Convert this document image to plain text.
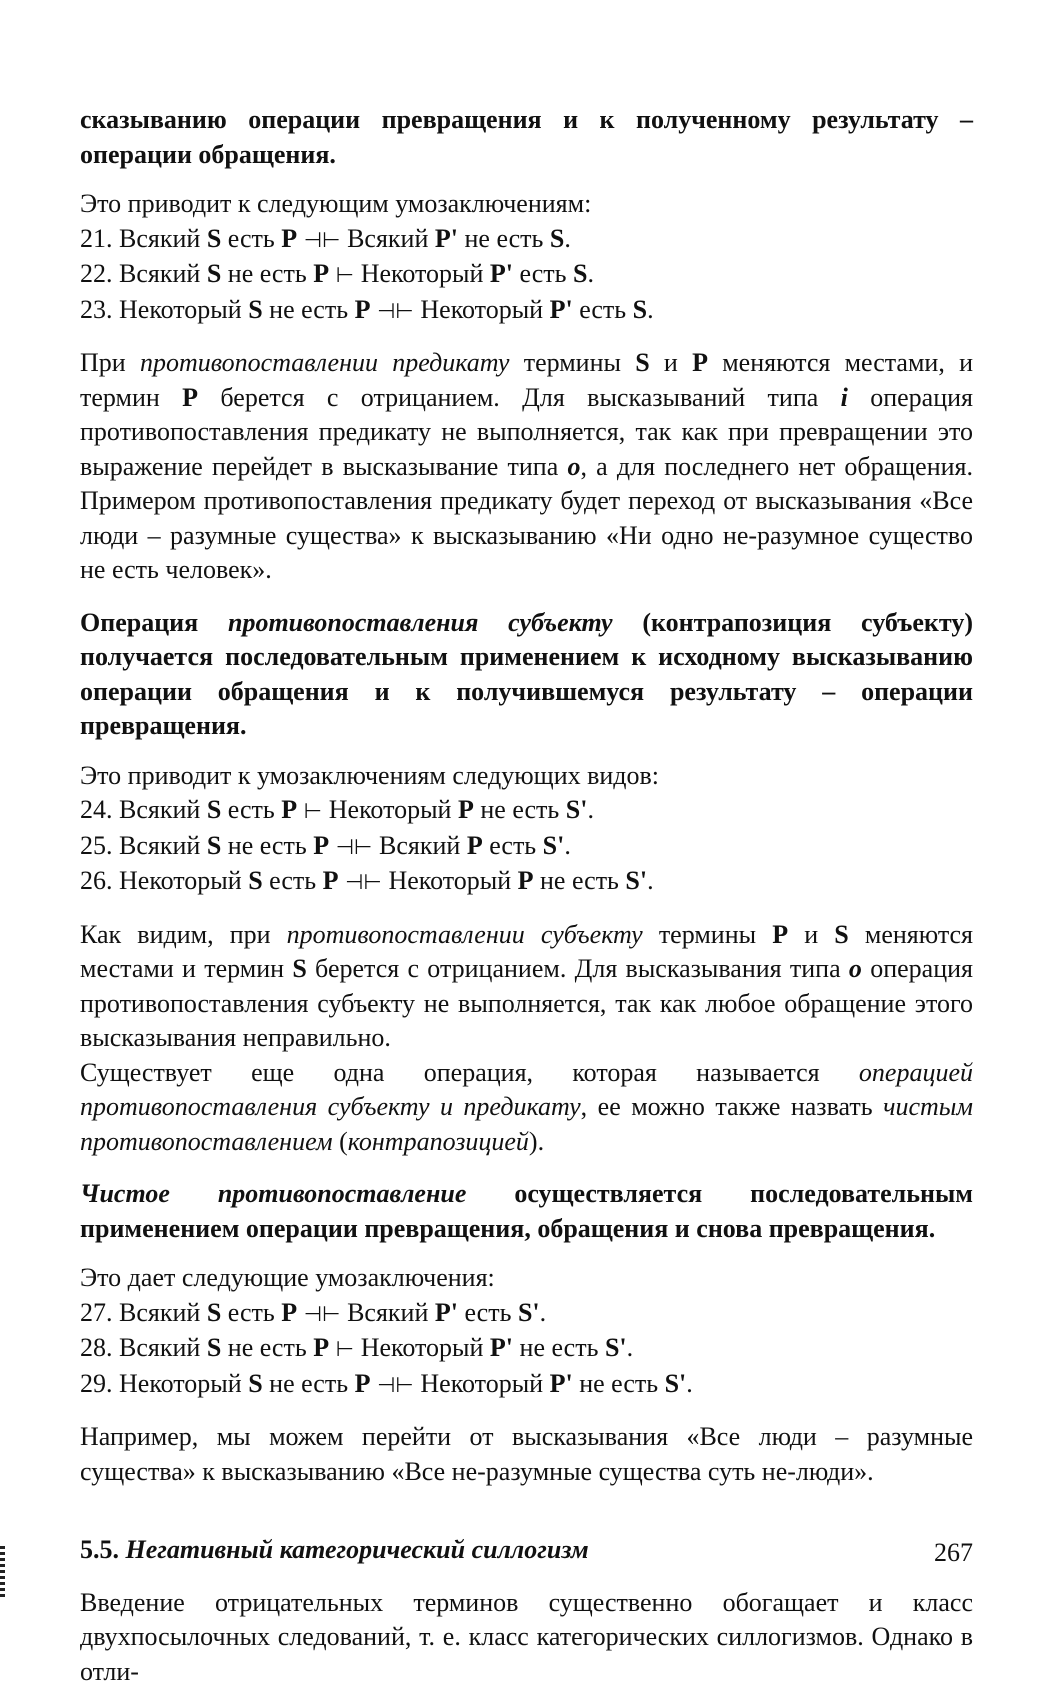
сказыванию операции превращения и к полученному результату – операции обращения.

Это приводит к следующим умозаключениям:

21. Всякий S есть P ⊣⊢ Всякий P' не есть S.
22. Всякий S не есть P ⊢ Некоторый P' есть S.
23. Некоторый S не есть P ⊣⊢ Некоторый P' есть S.

При противопоставлении предикату термины S и P меняются местами, и термин P берется с отрицанием. Для высказываний типа i операция противопоставления предикату не выполняется, так как при превращении это выражение перейдет в высказывание типа o, а для последнего нет обращения. Примером противопоставления предикату будет переход от высказывания «Все люди – разумные существа» к высказыванию «Ни одно не-разумное существо не есть человек».

Операция противопоставления субъекту (контрапозиция субъекту) получается последовательным применением к исходному высказыванию операции обращения и к получившемуся результату – операции превращения.

Это приводит к умозаключениям следующих видов:

24. Всякий S есть P ⊢ Некоторый P не есть S'.
25. Всякий S не есть P ⊣⊢ Всякий P есть S'.
26. Некоторый S есть P ⊣⊢ Некоторый P не есть S'.

Как видим, при противопоставлении субъекту термины P и S меняются местами и термин S берется с отрицанием. Для высказывания типа o операция противопоставления субъекту не выполняется, так как любое обращение этого высказывания неправильно.

Существует еще одна операция, которая называется операцией противопоставления субъекту и предикату, ее можно также назвать чистым противопоставлением (контрапозицией).

Чистое противопоставление осуществляется последовательным применением операции превращения, обращения и снова превращения.

Это дает следующие умозаключения:

27. Всякий S есть P ⊣⊢ Всякий P' есть S'.
28. Всякий S не есть P ⊢ Некоторый P' не есть S'.
29. Некоторый S не есть P ⊣⊢ Некоторый P' не есть S'.

Например, мы можем перейти от высказывания «Все люди – разумные существа» к высказыванию «Все не-разумные существа суть не-люди».

5.5. Негативный категорический силлогизм

Введение отрицательных терминов существенно обогащает и класс двухпосылочных следований, т. е. класс категорических силлогизмов. Однако в отли-

267
